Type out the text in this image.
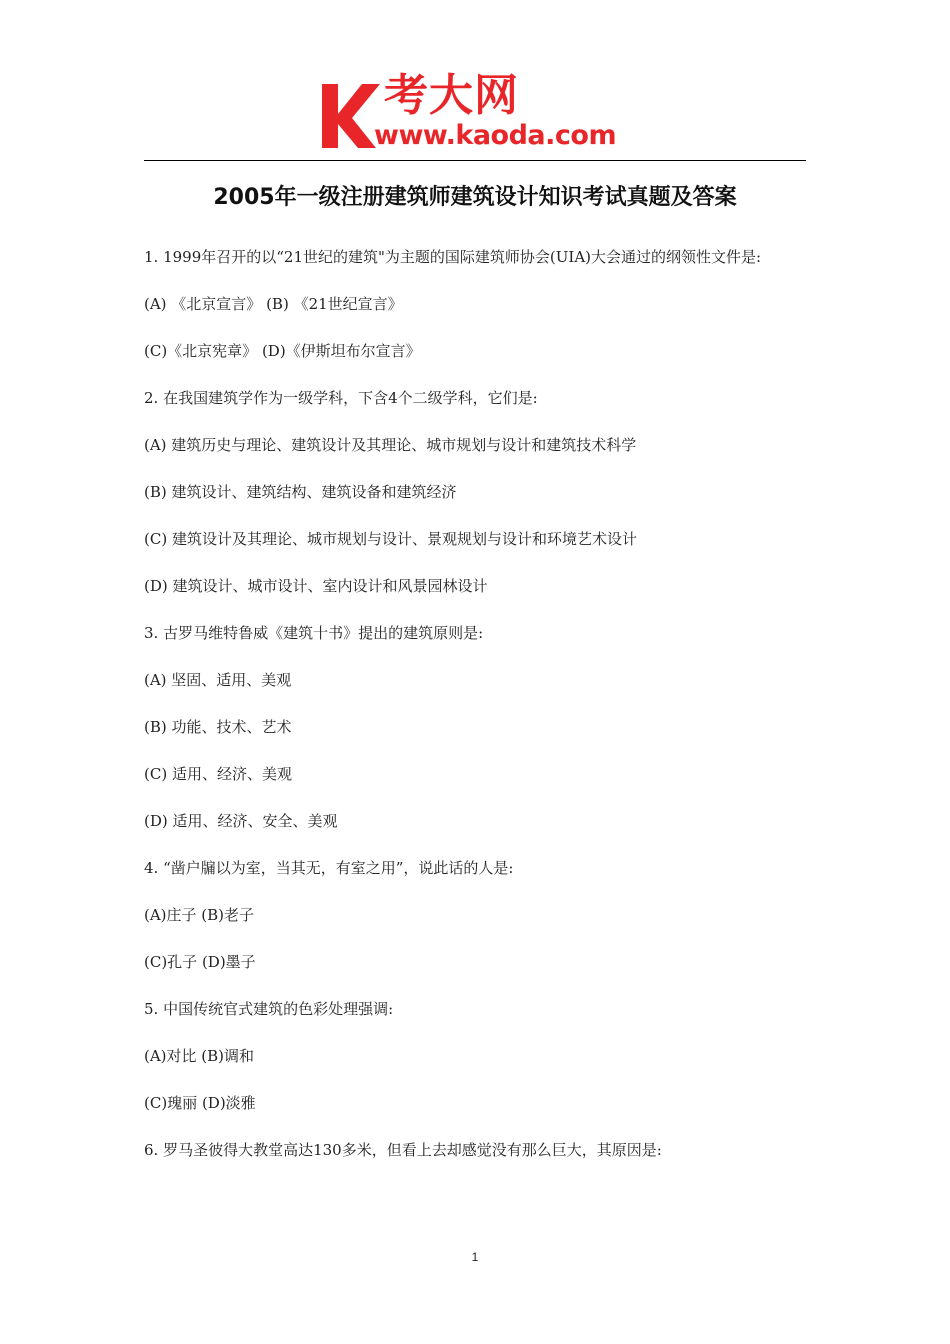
考大网
www.kaoda.com
2005年一级注册建筑师建筑设计知识考试真题及答案

1. 1999年召开的以“21世纪的建筑"为主题的国际建筑师协会(UIA)大会通过的纲领性文件是:

(A) 《北京宣言》 (B) 《21世纪宣言》

(C)《北京宪章》 (D)《伊斯坦布尔宣言》

2. 在我国建筑学作为一级学科，下含4个二级学科，它们是:

(A) 建筑历史与理论、建筑设计及其理论、城市规划与设计和建筑技术科学

(B) 建筑设计、建筑结构、建筑设备和建筑经济

(C) 建筑设计及其理论、城市规划与设计、景观规划与设计和环境艺术设计

(D) 建筑设计、城市设计、室内设计和风景园林设计

3. 古罗马维特鲁威《建筑十书》提出的建筑原则是:

(A) 坚固、适用、美观

(B) 功能、技术、艺术

(C) 适用、经济、美观

(D) 适用、经济、安全、美观

4. “凿户牖以为室，当其无，有室之用”，说此话的人是:

(A)庄子 (B)老子

(C)孔子 (D)墨子

5. 中国传统官式建筑的色彩处理强调:

(A)对比 (B)调和

(C)瑰丽 (D)淡雅

6. 罗马圣彼得大教堂高达130多米，但看上去却感觉没有那么巨大，其原因是:

1
